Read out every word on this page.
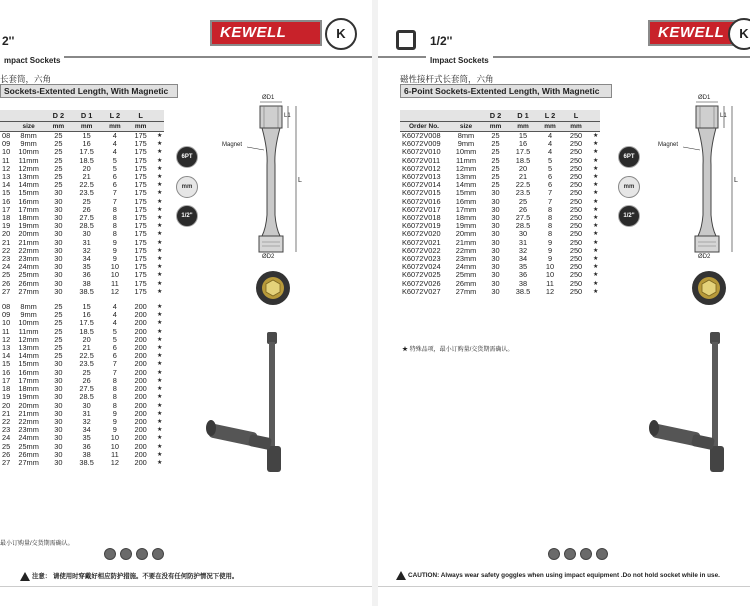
2''	KEWELL	K
mpact Sockets
长套筒，六角
Sockets-Extented Length, With Magnetic
		D 2	D 1	L 2	L	
	size	mm	mm	mm	mm	
08	8mm	25	15	4	175	★
09	9mm	25	16	4	175	★
10	10mm	25	17.5	4	175	★
11	11mm	25	18.5	5	175	★
12	12mm	25	20	5	175	★
13	13mm	25	21	6	175	★
14	14mm	25	22.5	6	175	★
15	15mm	30	23.5	7	175	★
16	16mm	30	25	7	175	★
17	17mm	30	26	8	175	★
18	18mm	30	27.5	8	175	★
19	19mm	30	28.5	8	175	★
20	20mm	30	30	8	175	★
21	21mm	30	31	9	175	★
22	22mm	30	32	9	175	★
23	23mm	30	34	9	175	★
24	24mm	30	35	10	175	★
25	25mm	30	36	10	175	★
26	26mm	30	38	11	175	★
27	27mm	30	38.5	12	175	★

08	8mm	25	15	4	200	★
09	9mm	25	16	4	200	★
10	10mm	25	17.5	4	200	★
11	11mm	25	18.5	5	200	★
12	12mm	25	20	5	200	★
13	13mm	25	21	6	200	★
14	14mm	25	22.5	6	200	★
15	15mm	30	23.5	7	200	★
16	16mm	30	25	7	200	★
17	17mm	30	26	8	200	★
18	18mm	30	27.5	8	200	★
19	19mm	30	28.5	8	200	★
20	20mm	30	30	8	200	★
21	21mm	30	31	9	200	★
22	22mm	30	32	9	200	★
23	23mm	30	34	9	200	★
24	24mm	30	35	10	200	★
25	25mm	30	36	10	200	★
26	26mm	30	38	11	200	★
27	27mm	30	38.5	12	200	★
6PT
mm
1/2"
ØD1
L1
L
Magnet
ØD2
最小订购量/交货期需确认。
注意： 请使用时穿戴好相应防护措施。不要在没有任何防护情况下使用。
1/2''	KEWELL	K
Impact Sockets
磁性接杆式长套筒，六角
6-Point Sockets-Extented Length, With Magnetic
		D 2	D 1	L 2	L	
Order No.	size	mm	mm	mm	mm	
K6072V008	8mm	25	15	4	250	★
K6072V009	9mm	25	16	4	250	★
K6072V010	10mm	25	17.5	4	250	★
K6072V011	11mm	25	18.5	5	250	★
K6072V012	12mm	25	20	5	250	★
K6072V013	13mm	25	21	6	250	★
K6072V014	14mm	25	22.5	6	250	★
K6072V015	15mm	30	23.5	7	250	★
K6072V016	16mm	30	25	7	250	★
K6072V017	17mm	30	26	8	250	★
K6072V018	18mm	30	27.5	8	250	★
K6072V019	19mm	30	28.5	8	250	★
K6072V020	20mm	30	30	8	250	★
K6072V021	21mm	30	31	9	250	★
K6072V022	22mm	30	32	9	250	★
K6072V023	23mm	30	34	9	250	★
K6072V024	24mm	30	35	10	250	★
K6072V025	25mm	30	36	10	250	★
K6072V026	26mm	30	38	11	250	★
K6072V027	27mm	30	38.5	12	250	★
6PT
mm
1/2"
ØD1
L1
L
Magnet
ØD2
★ 特殊品项，最小订购量/交货期需确认。
CAUTION: Always wear safety goggles when using impact equipment .Do not hold socket while in use.
